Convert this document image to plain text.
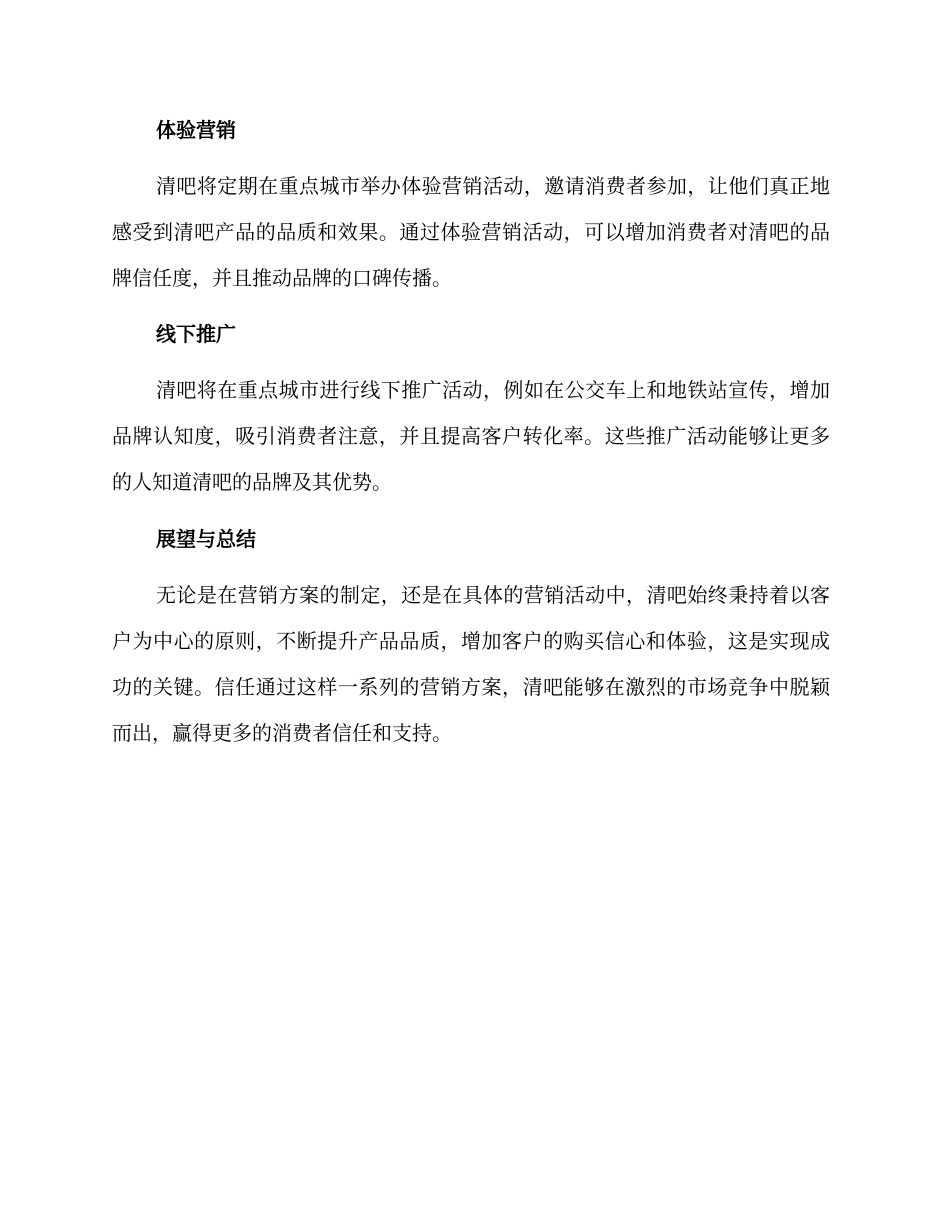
体验营销

清吧将定期在重点城市举办体验营销活动，邀请消费者参加，让他们真正地感受到清吧产品的品质和效果。通过体验营销活动，可以增加消费者对清吧的品牌信任度，并且推动品牌的口碑传播。

线下推广

清吧将在重点城市进行线下推广活动，例如在公交车上和地铁站宣传，增加品牌认知度，吸引消费者注意，并且提高客户转化率。这些推广活动能够让更多的人知道清吧的品牌及其优势。

展望与总结

无论是在营销方案的制定，还是在具体的营销活动中，清吧始终秉持着以客户为中心的原则，不断提升产品品质，增加客户的购买信心和体验，这是实现成功的关键。信任通过这样一系列的营销方案，清吧能够在激烈的市场竞争中脱颖而出，赢得更多的消费者信任和支持。
